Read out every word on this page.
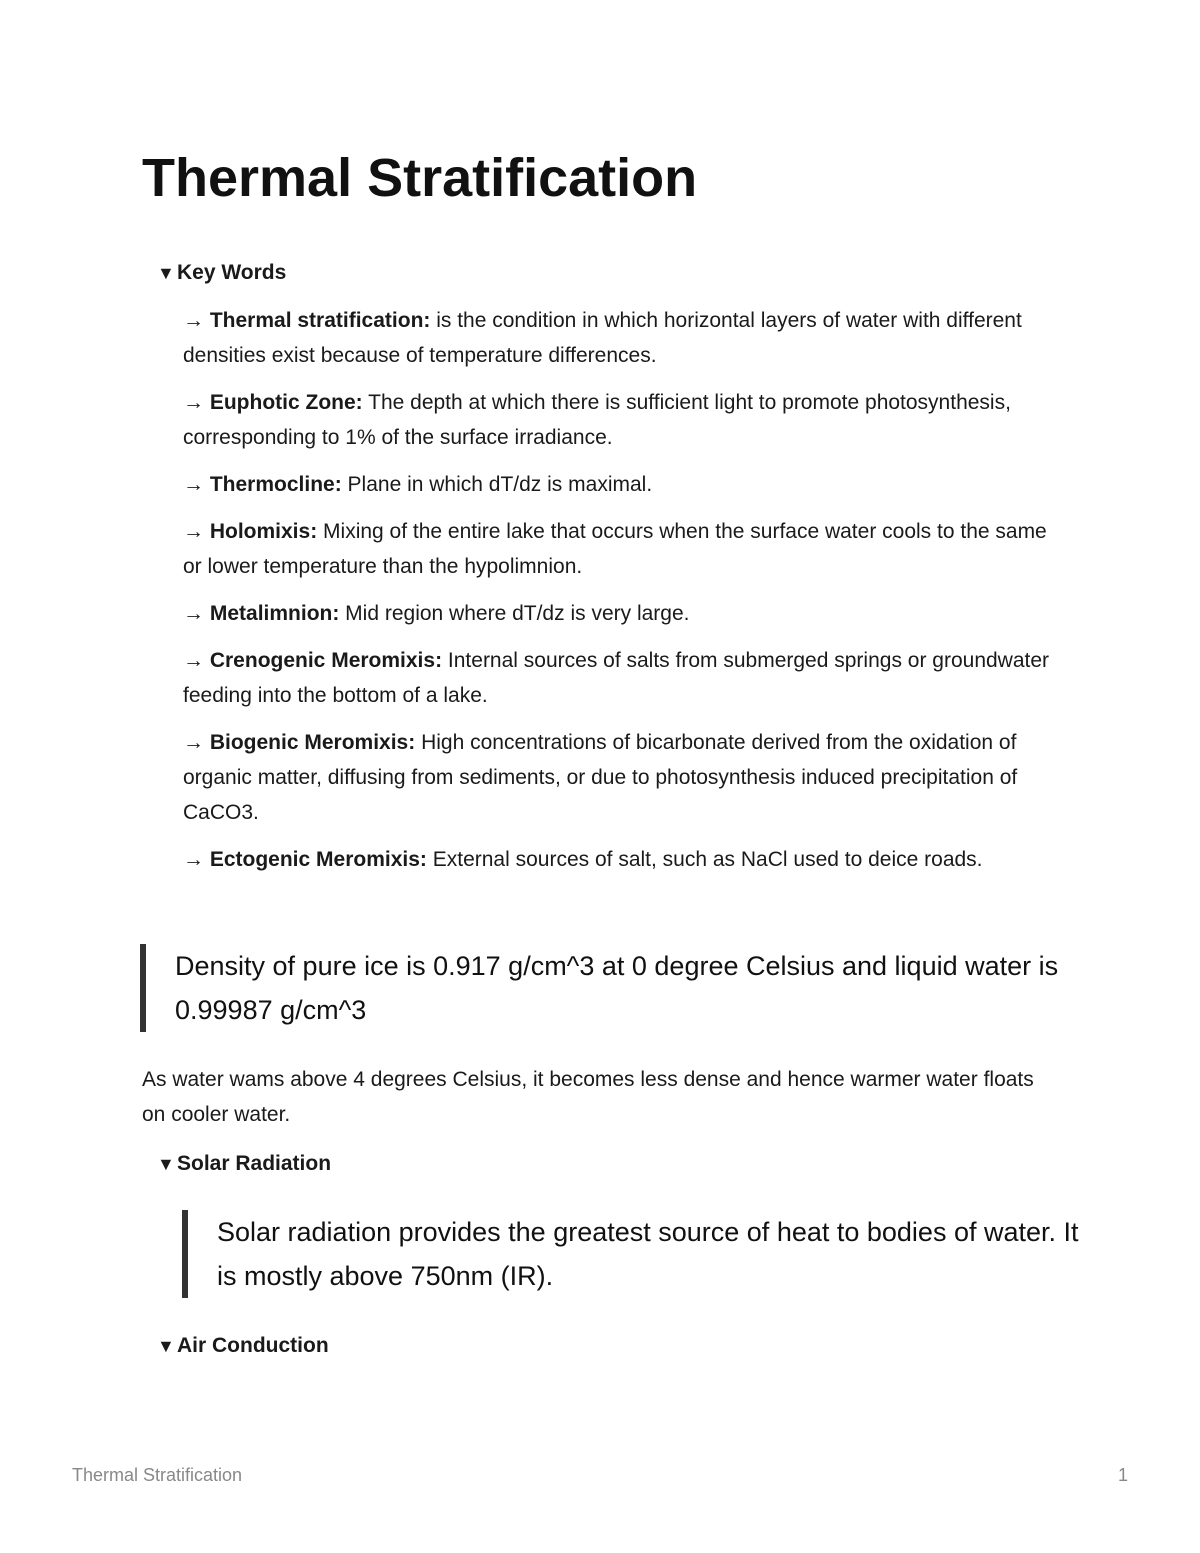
Thermal Stratification
▼ Key Words
→ Thermal stratification: is the condition in which horizontal layers of water with different densities exist because of temperature differences.
→ Euphotic Zone: The depth at which there is sufficient light to promote photosynthesis, corresponding to 1% of the surface irradiance.
→ Thermocline: Plane in which dT/dz is maximal.
→ Holomixis: Mixing of the entire lake that occurs when the surface water cools to the same or lower temperature than the hypolimnion.
→ Metalimnion: Mid region where dT/dz is very large.
→ Crenogenic Meromixis: Internal sources of salts from submerged springs or groundwater feeding into the bottom of a lake.
→ Biogenic Meromixis: High concentrations of bicarbonate derived from the oxidation of organic matter, diffusing from sediments, or due to photosynthesis induced precipitation of CaCO3.
→ Ectogenic Meromixis: External sources of salt, such as NaCl used to deice roads.
Density of pure ice is 0.917 g/cm^3 at 0 degree Celsius and liquid water is 0.99987 g/cm^3

As water wams above 4 degrees Celsius, it becomes less dense and hence warmer water floats on cooler water.

▼ Solar Radiation
Solar radiation provides the greatest source of heat to bodies of water. It is mostly above 750nm (IR).
▼ Air Conduction
Thermal Stratification	1
